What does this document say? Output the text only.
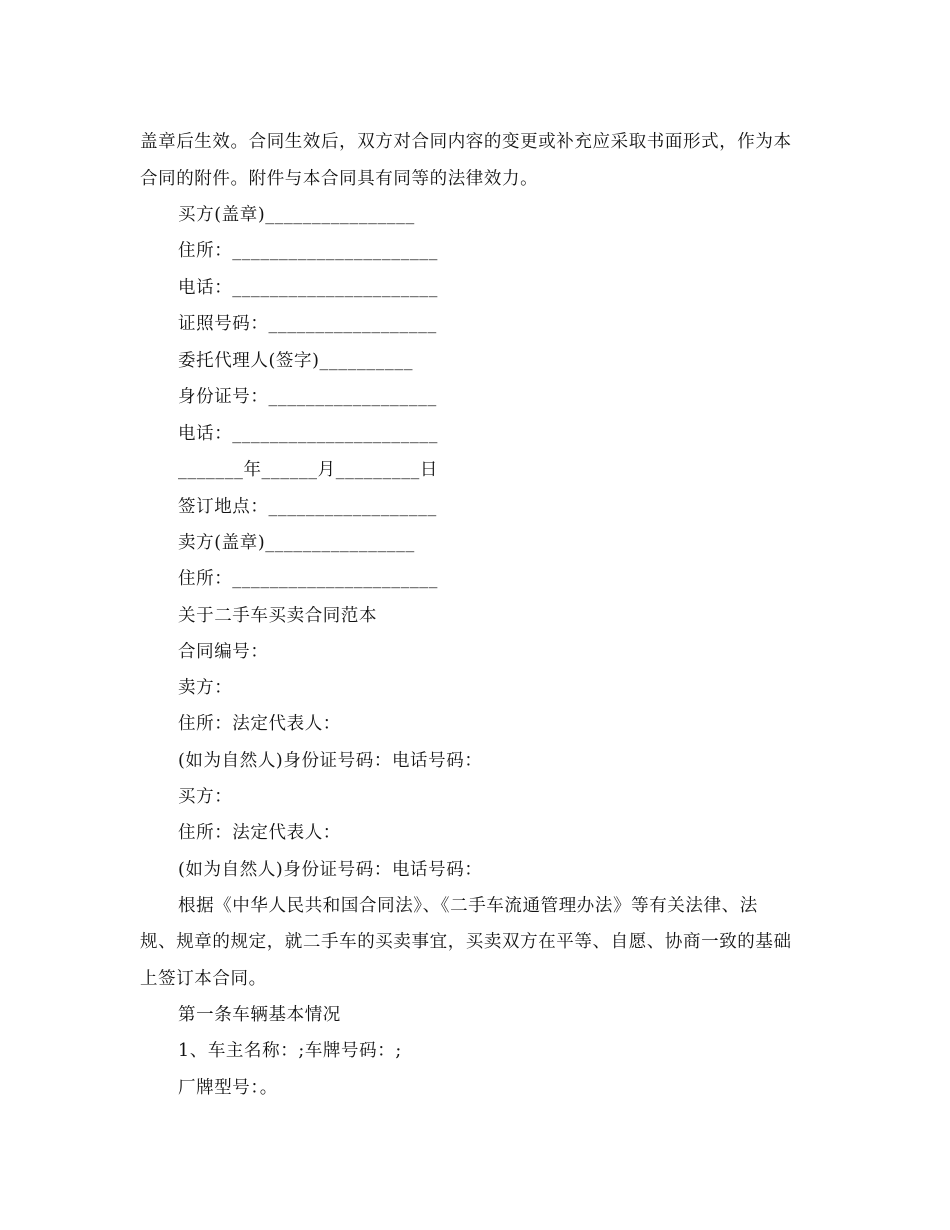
盖章后生效。合同生效后，双方对合同内容的变更或补充应采取书面形式，作为本
合同的附件。附件与本合同具有同等的法律效力。
买方(盖章)________________
住所：______________________
电话：______________________
证照号码：__________________
委托代理人(签字)__________
身份证号：__________________
电话：______________________
_______年______月_________日
签订地点：__________________
卖方(盖章)________________
住所：______________________
关于二手车买卖合同范本
合同编号：
卖方：
住所：法定代表人：
(如为自然人)身份证号码：电话号码：
买方：
住所：法定代表人：
(如为自然人)身份证号码：电话号码：
根据《中华人民共和国合同法》、《二手车流通管理办法》等有关法律、法
规、规章的规定，就二手车的买卖事宜，买卖双方在平等、自愿、协商一致的基础
上签订本合同。
第一条车辆基本情况
1、车主名称：;车牌号码：;
厂牌型号：。
